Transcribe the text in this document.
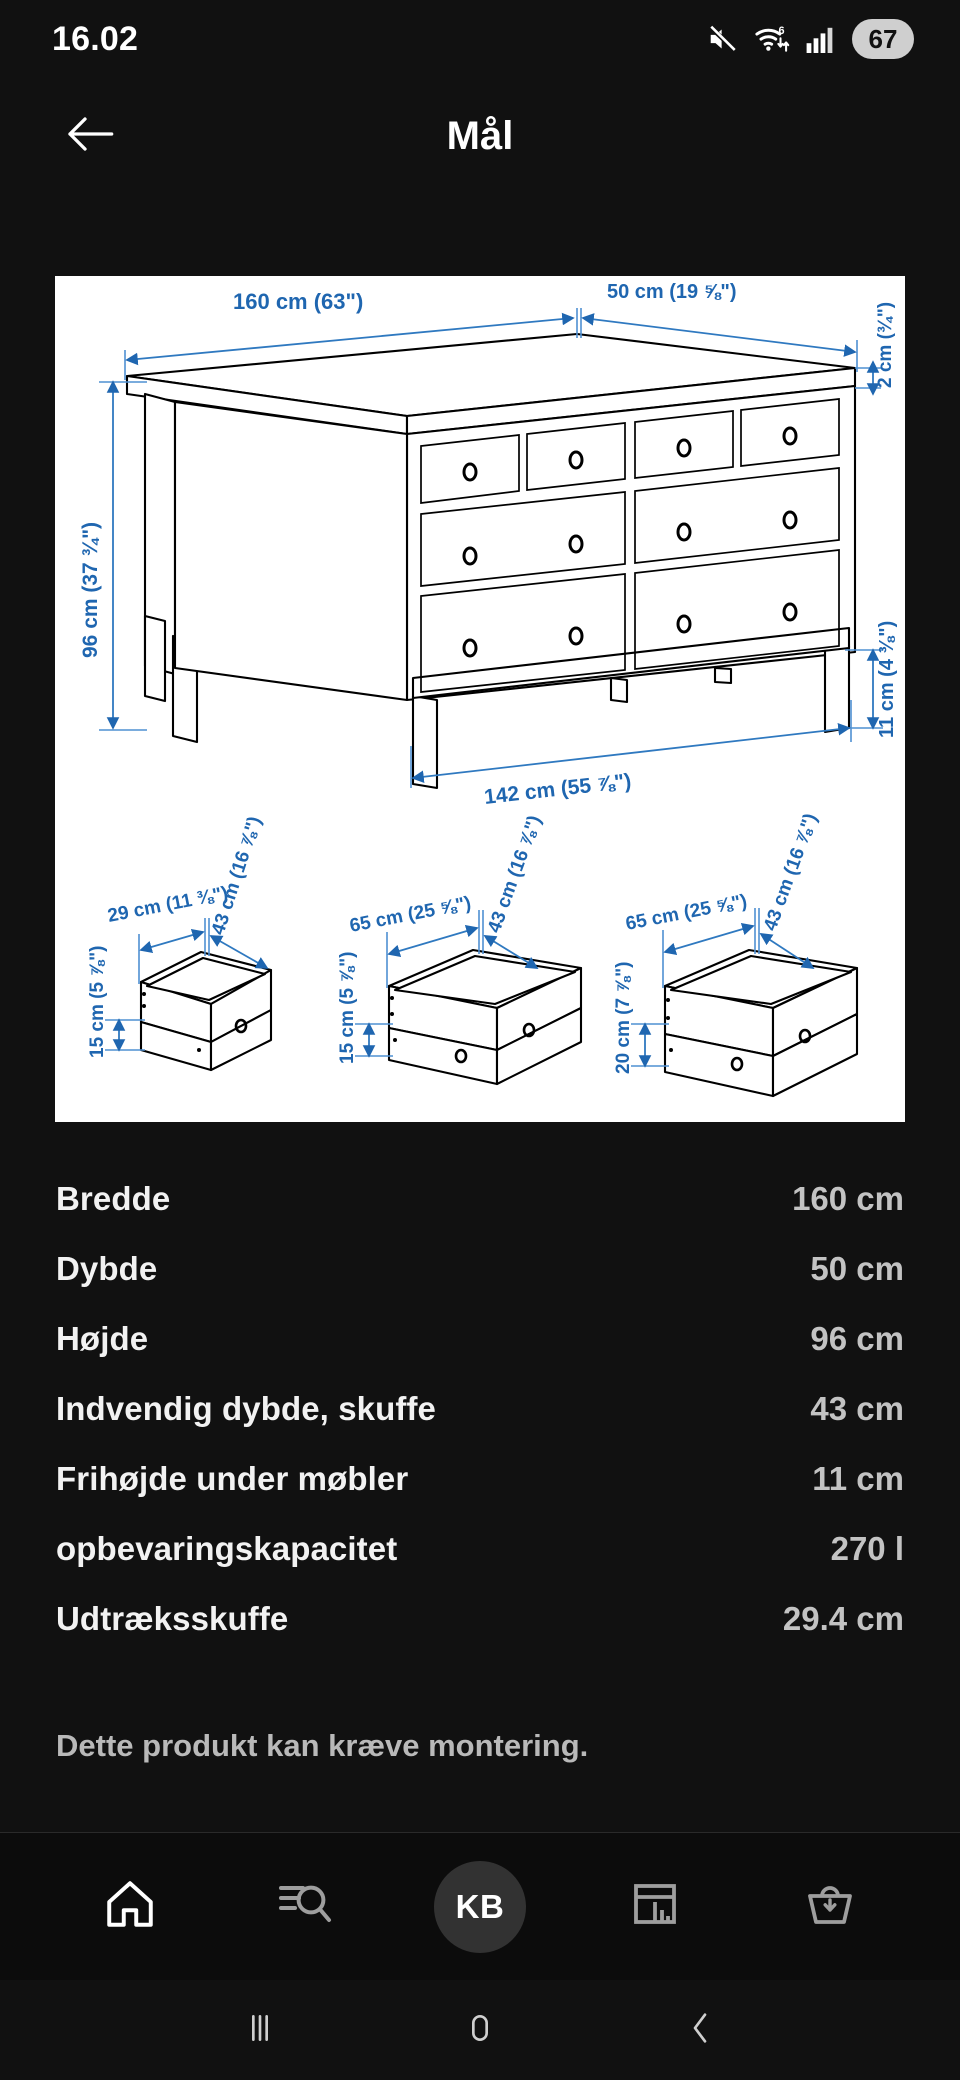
16.02	6	67
Mål
160 cm (63")	50 cm (19 ⅝")
2 cm (¾")
96 cm (37 ¾")
11 cm (4 ⅜")
142 cm (55 ⅞")
29 cm (11 ⅜")
43 cm (16 ⅞")
15 cm (5 ⅞")
65 cm (25 ⅝") 43 cm (16 ⅞")
15 cm (5 ⅞")
65 cm (25 ⅝") 43 cm (16 ⅞")
20 cm (7 ⅞")
Bredde	160 cm
Dybde	50 cm
Højde	96 cm
Indvendig dybde, skuffe	43 cm
Frihøjde under møbler	11 cm
opbevaringskapacitet	270 l
Udtræksskuffe	29.4 cm
Dette produkt kan kræve montering.
KB
